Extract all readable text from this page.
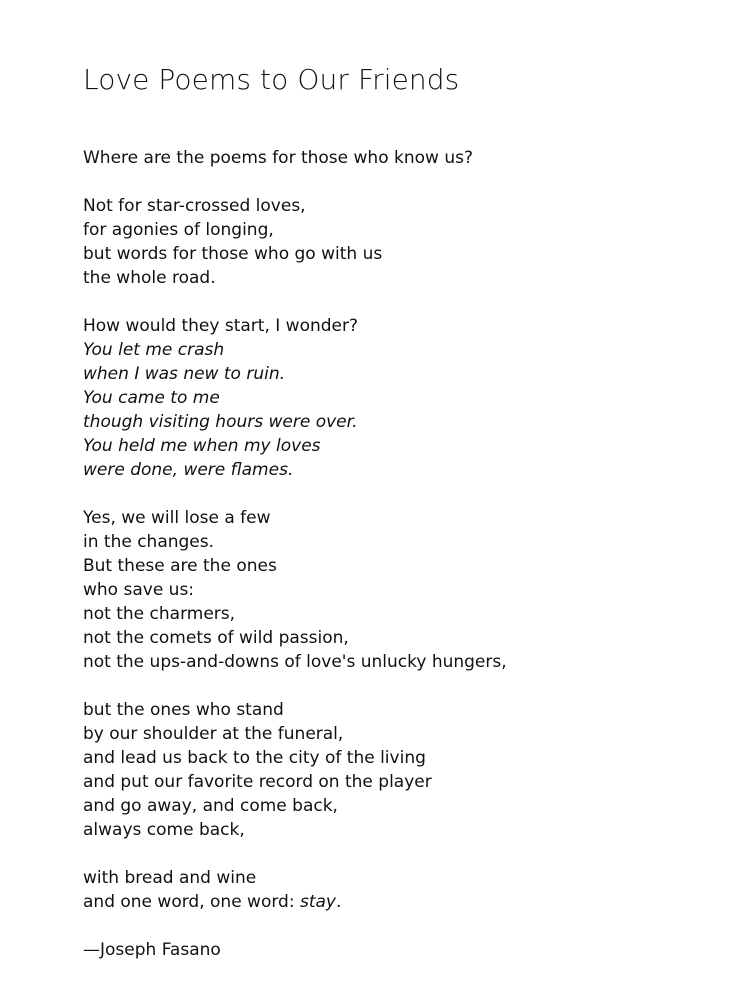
Love Poems to Our Friends
Where are the poems for those who know us?
Not for star-crossed loves,
for agonies of longing,
but words for those who go with us
the whole road.
How would they start, I wonder?
You let me crash
when I was new to ruin.
You came to me
though visiting hours were over.
You held me when my loves
were done, were flames.
Yes, we will lose a few
in the changes.
But these are the ones
who save us:
not the charmers,
not the comets of wild passion,
not the ups-and-downs of love's unlucky hungers,
but the ones who stand
by our shoulder at the funeral,
and lead us back to the city of the living
and put our favorite record on the player
and go away, and come back,
always come back,
with bread and wine
and one word, one word: stay.
—Joseph Fasano
